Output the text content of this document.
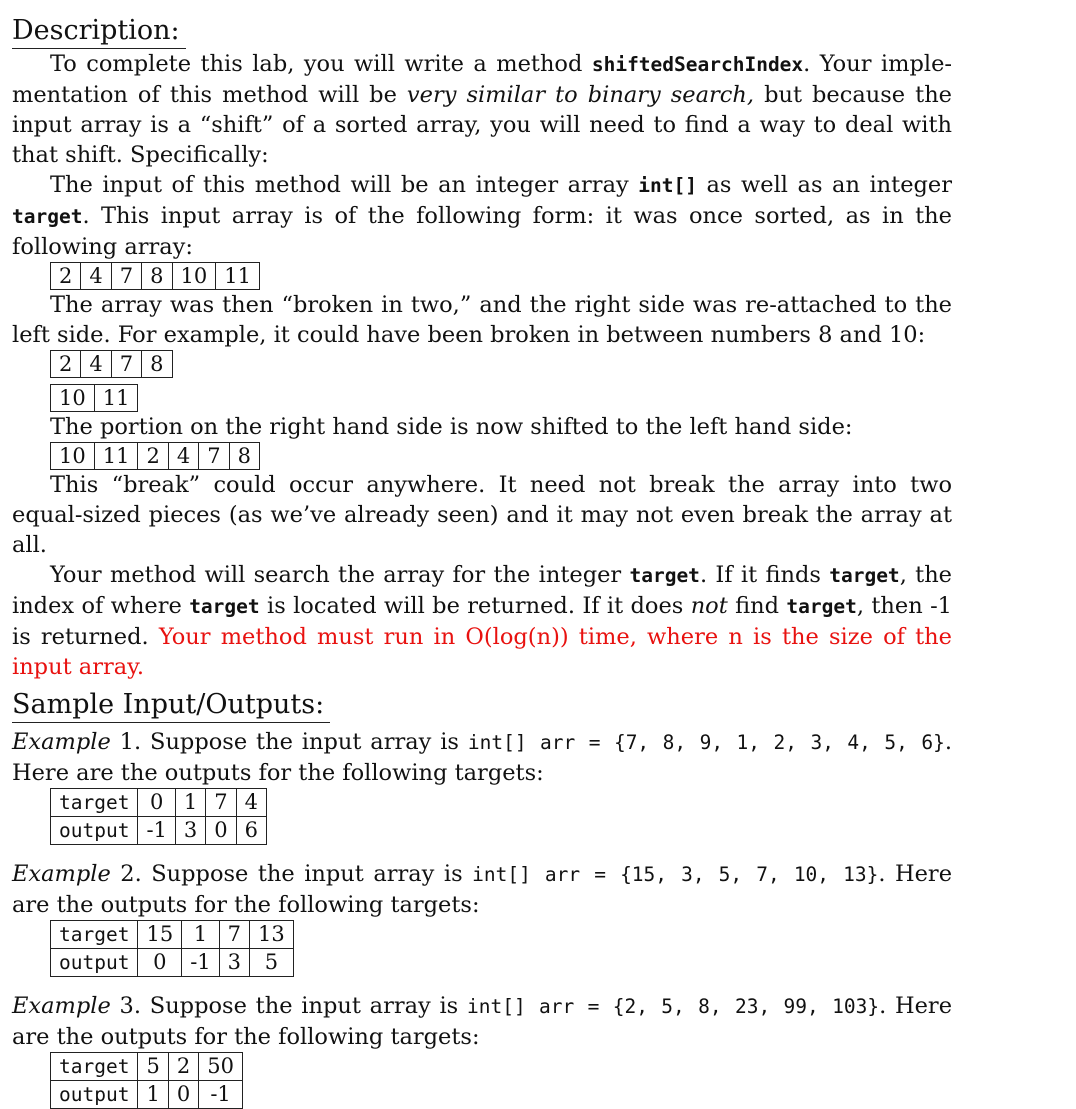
Description:

To complete this lab, you will write a method shiftedSearchIndex. Your imple-mentation of this method will be very similar to binary search, but because the input array is a “shift” of a sorted array, you will need to find a way to deal with that shift. Specifically:

The input of this method will be an integer array int[] as well as an integer target. This input array is of the following form: it was once sorted, as in the following array:

2	4	7	8	10	11

The array was then “broken in two,” and the right side was re-attached to the left side. For example, it could have been broken in between numbers 8 and 10:

2	4	7	8
10	11

The portion on the right hand side is now shifted to the left hand side:

10	11	2	4	7	8

This “break” could occur anywhere. It need not break the array into two equal-sized pieces (as we’ve already seen) and it may not even break the array at all.

Your method will search the array for the integer target. If it finds target, the index of where target is located will be returned. If it does not find target, then -1 is returned. Your method must run in O(log(n)) time, where n is the size of the input array.

Sample Input/Outputs:

Example 1. Suppose the input array is int[] arr = {7, 8, 9, 1, 2, 3, 4, 5, 6}. Here are the outputs for the following targets:

target	0	1	7	4
output	-1	3	0	6

Example 2. Suppose the input array is int[] arr = {15, 3, 5, 7, 10, 13}. Here are the outputs for the following targets:

target	15	1	7	13
output	0	-1	3	5

Example 3. Suppose the input array is int[] arr = {2, 5, 8, 23, 99, 103}. Here are the outputs for the following targets:

target	5	2	50
output	1	0	-1
